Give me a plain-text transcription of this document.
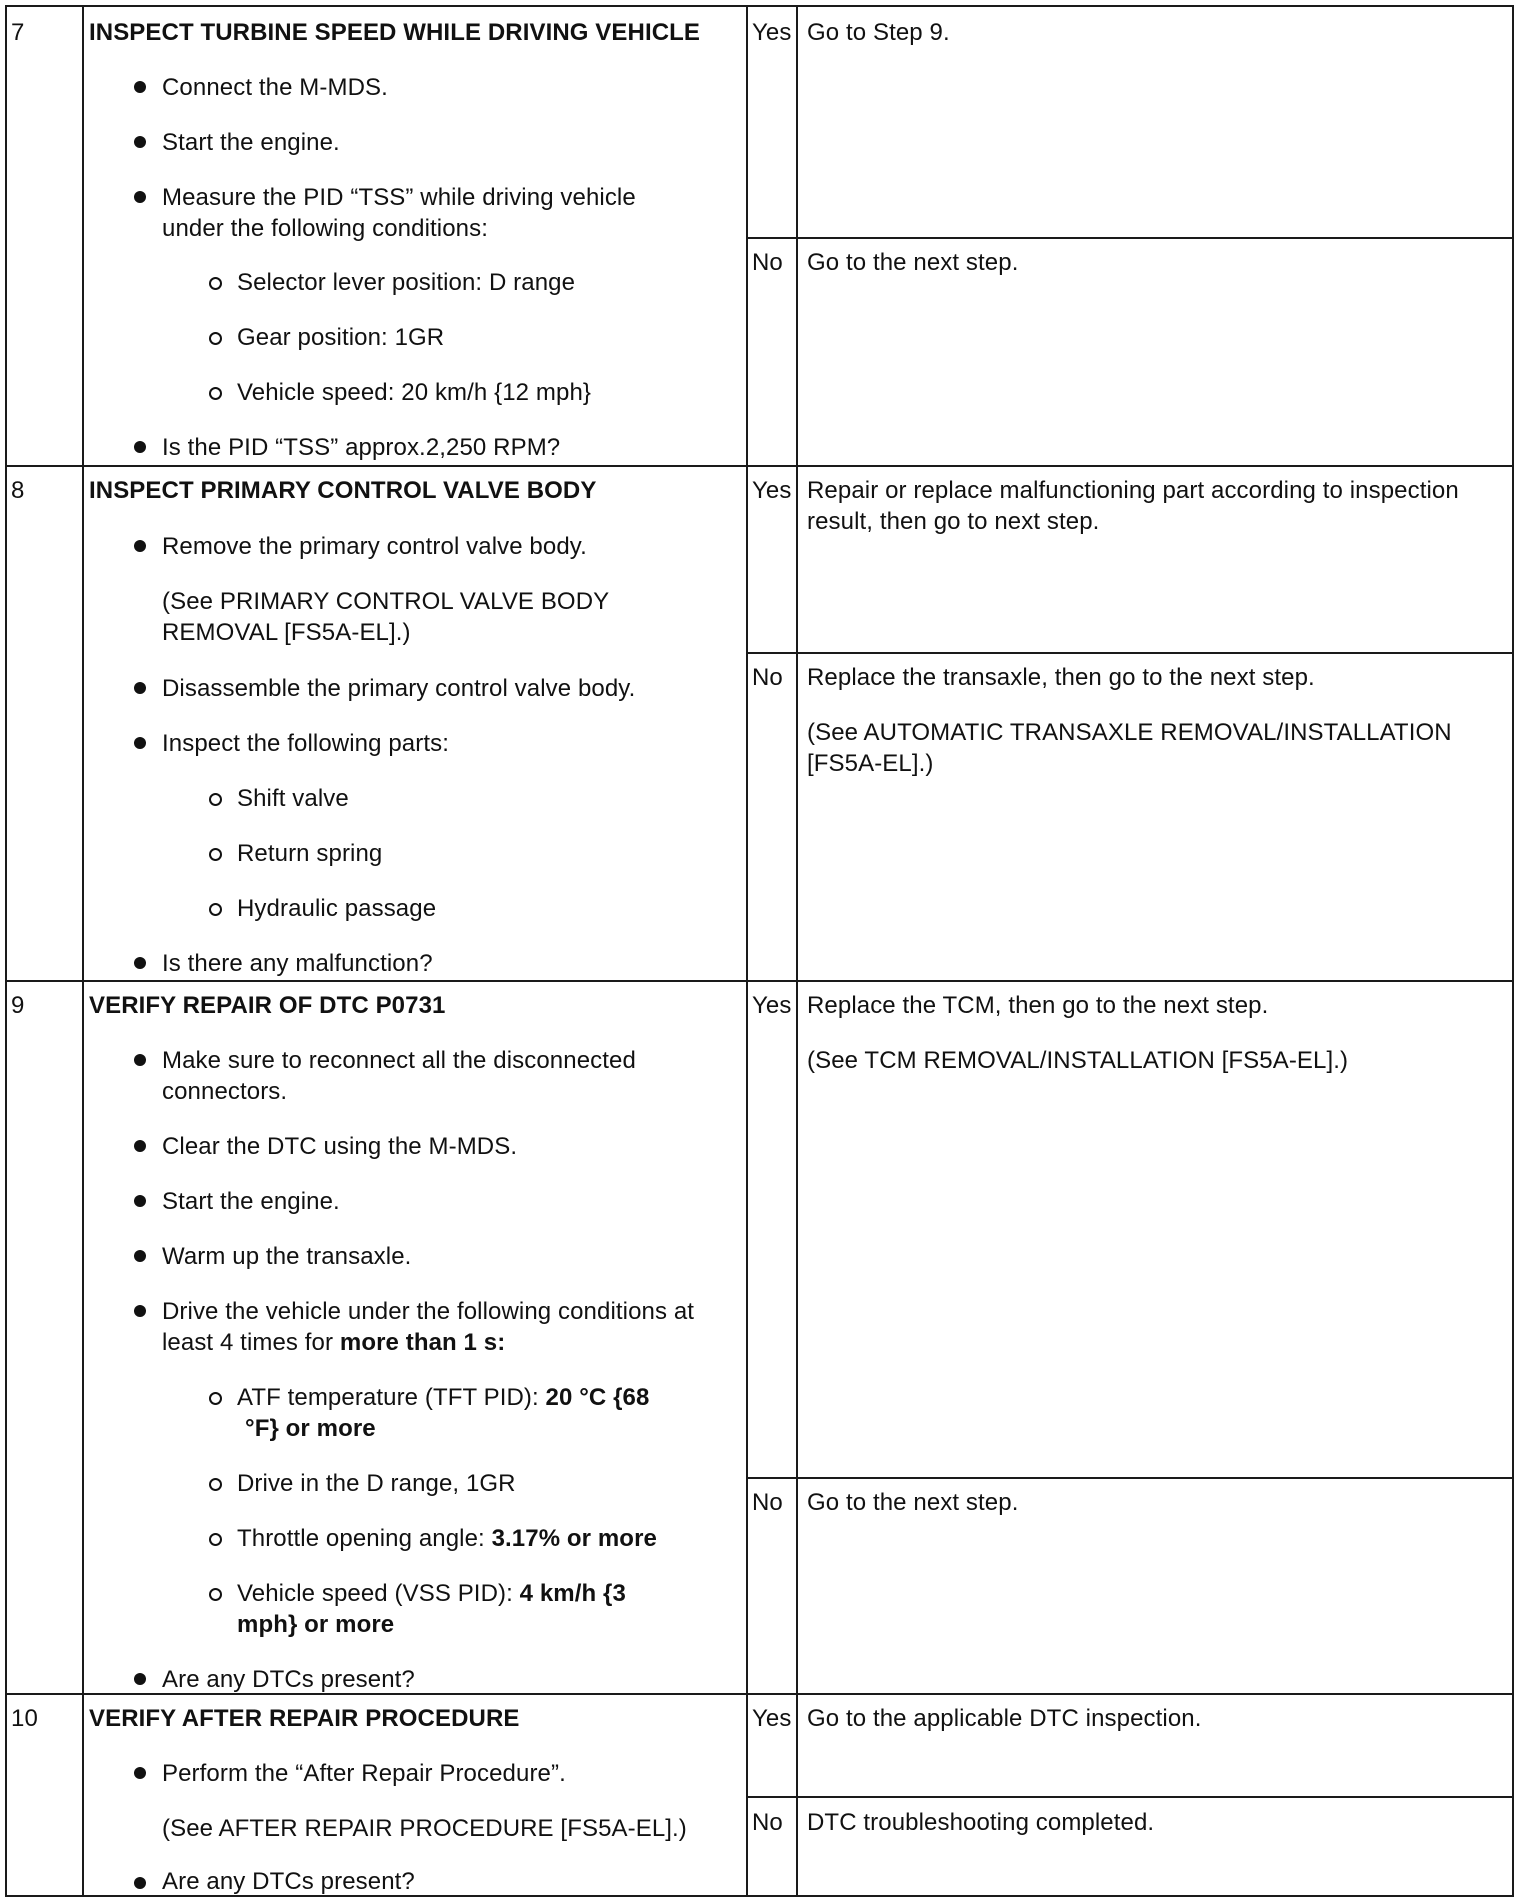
7	INSPECT TURBINE SPEED WHILE DRIVING VEHICLE
Connect the M-MDS.
Start the engine.
Measure the PID “TSS” while driving vehicle
under the following conditions:
Selector lever position: D range
Gear position: 1GR
Vehicle speed: 20 km/h {12 mph}
Is the PID “TSS” approx.2,250 RPM?
Yes Go to Step 9.
No Go to the next step.
8	INSPECT PRIMARY CONTROL VALVE BODY
Remove the primary control valve body.
(See PRIMARY CONTROL VALVE BODY
REMOVAL [FS5A-EL].)
Disassemble the primary control valve body.
Inspect the following parts:
Shift valve
Return spring
Hydraulic passage
Is there any malfunction?
Yes Repair or replace malfunctioning part according to inspection
result, then go to next step.
No Replace the transaxle, then go to the next step.
(See AUTOMATIC TRANSAXLE REMOVAL/INSTALLATION
[FS5A-EL].)
9	VERIFY REPAIR OF DTC P0731
Make sure to reconnect all the disconnected
connectors.
Clear the DTC using the M-MDS.
Start the engine.
Warm up the transaxle.
Drive the vehicle under the following conditions at
least 4 times for more than 1 s:
ATF temperature (TFT PID): 20 °C {68
°F} or more
Drive in the D range, 1GR
Throttle opening angle: 3.17% or more
Vehicle speed (VSS PID): 4 km/h {3
mph} or more
Are any DTCs present?
Yes Replace the TCM, then go to the next step.
(See TCM REMOVAL/INSTALLATION [FS5A-EL].)
No Go to the next step.
10 VERIFY AFTER REPAIR PROCEDURE
Perform the “After Repair Procedure”.
(See AFTER REPAIR PROCEDURE [FS5A-EL].)
Are any DTCs present?
Yes Go to the applicable DTC inspection.
No DTC troubleshooting completed.
